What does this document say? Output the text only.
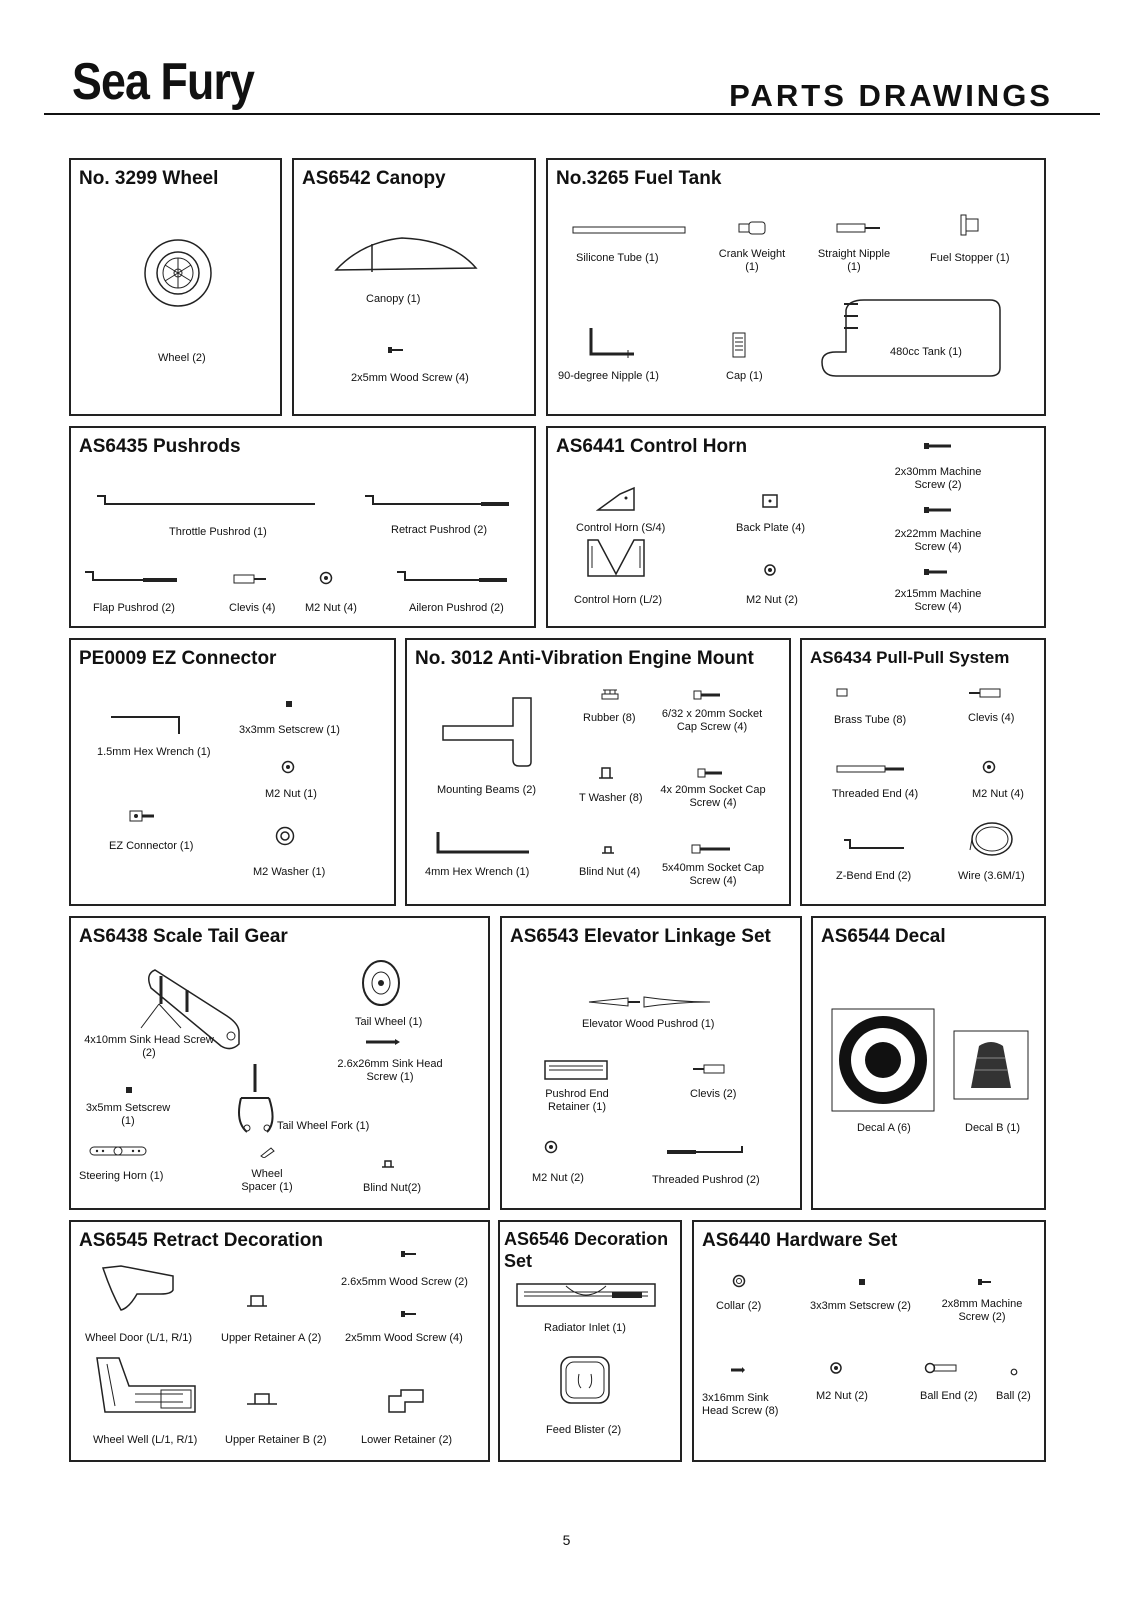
Sea Fury	PARTS DRAWINGS
No. 3299 Wheel
Wheel (2)
AS6542 Canopy
Canopy (1)
2x5mm Wood Screw (4)
No.3265 Fuel Tank
Silicone Tube (1)	Crank Weight (1)
Straight Nipple (1)
Fuel Stopper (1)
90-degree Nipple (1)	Cap (1)
480cc Tank (1)
AS6435 Pushrods
Throttle Pushrod (1)	Retract Pushrod (2)
Flap Pushrod (2)	Clevis (4)	M2 Nut (4)	Aileron Pushrod (2)
AS6441 Control Horn
2x30mm Machine Screw (2)
Control Horn (S/4)	Back Plate (4)	2x22mm Machine Screw (4)
Control Horn (L/2)	M2 Nut (2)	2x15mm Machine Screw (4)
PE0009 EZ Connector
1.5mm Hex Wrench (1)
3x3mm Setscrew (1)
M2 Nut (1)
EZ Connector (1)
M2 Washer (1)
No. 3012 Anti-Vibration Engine Mount
Rubber (8)	6/32 x 20mm Socket Cap Screw (4)
Mounting Beams (2)
T Washer (8)
4x 20mm Socket Cap Screw (4)
4mm Hex Wrench (1)	Blind Nut (4)	5x40mm Socket Cap Screw (4)
AS6434 Pull-Pull System
Brass Tube (8)	Clevis (4)
Threaded End (4)	M2 Nut (4)
Z-Bend End (2)	Wire (3.6M/1)
AS6438 Scale Tail Gear
4x10mm Sink Head Screw (2)
Tail Wheel (1)
2.6x26mm Sink Head Screw (1)
3x5mm Setscrew (1)	Tail Wheel Fork (1)
Steering Horn (1)	Wheel Spacer (1)	Blind Nut(2)
AS6543 Elevator Linkage Set
Elevator Wood Pushrod (1)
Pushrod End Retainer (1)
Clevis (2)
M2 Nut (2)	Threaded Pushrod (2)
AS6544 Decal
Decal A (6)	Decal B (1)
AS6545 Retract Decoration
2.6x5mm Wood Screw (2)
Wheel Door (L/1, R/1)	Upper Retainer A (2) 2x5mm Wood Screw (4)
Wheel Well (L/1, R/1)	Upper Retainer B (2)	Lower Retainer (2)
AS6546 Decoration Set
Radiator Inlet (1)
Feed Blister (2)
AS6440 Hardware Set
Collar (2)	3x3mm Setscrew (2)	2x8mm Machine Screw (2)
3x16mm Sink Head Screw (8)
M2 Nut (2)	Ball End (2) Ball (2)
5
